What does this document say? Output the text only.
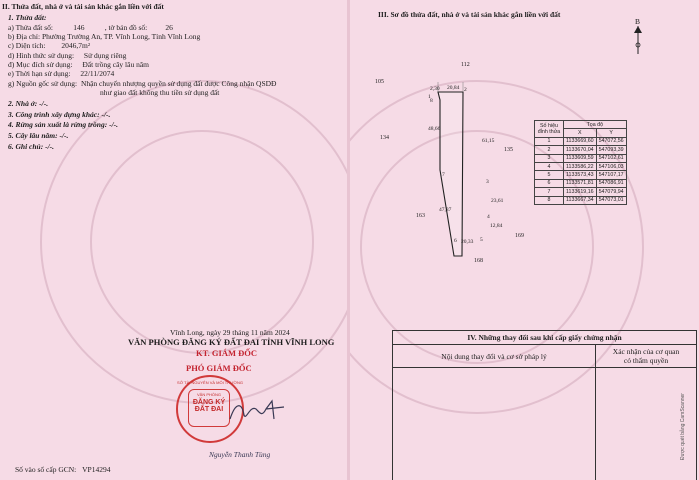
II. Thửa đất, nhà ở và tài sản khác gắn liền với đất
1. Thửa đất:
a) Thửa đất số:	146	, tờ bản đồ số: 26
b) Địa chỉ: Phường Trường An, TP. Vĩnh Long, Tỉnh Vĩnh Long
c) Diện tích: 2046,7m²
d) Hình thức sử dụng: Sử dụng riêng
đ) Mục đích sử dụng: Đất trồng cây lâu năm
e) Thời hạn sử dụng: 22/11/2074
g) Nguồn gốc sử dụng: Nhận chuyển nhượng quyền sử dụng đất được Công nhận QSDĐ
như giao đất không thu tiền sử dụng đất
2. Nhà ở: -/-.
3. Công trình xây dựng khác: -/-.
4. Rừng sản xuất là rừng trồng: -/-.
5. Cây lâu năm: -/-.
6. Ghi chú: -/-.
Vĩnh Long, ngày 29 tháng 11 năm 2024
VĂN PHÒNG ĐĂNG KÝ ĐẤT ĐAI TỈNH VĨNH LONG
KT. GIÁM ĐỐC
PHÓ GIÁM ĐỐC
SỞ TÀI NGUYÊN VÀ MÔI TRƯỜNG
VĂN PHÒNG
ĐĂNG KÝ
ĐẤT ĐAI
Nguyễn Thanh Tùng
Số vào sổ cấp GCN: VP14294
III. Sơ đồ thửa đất, nhà ở và tài sản khác gắn liền với đất
B
112
105
134
135
163
169
168
2,30 20,84
48,66
61,15
47,87
23,61
12,84
20,33
1
2
3
4
5
6
7
8
Số hiệu đỉnh thửa	Tọa độ	
	X	Y
1	1133669,60	547072,56
2	1133670,04	547093,39
3	1133609,59	547102,61
4	1133586,22	547106,03
5	1133573,43	547107,17
6	1133571,81	547086,91
7	1133619,16	547079,94
8	1133667,34	547073,01
IV. Những thay đổi sau khi cấp giấy chứng nhận	
Nội dung thay đổi và cơ sở pháp lý	Xác nhận của cơ quan
có thẩm quyền

Được quét bằng CamScanner
